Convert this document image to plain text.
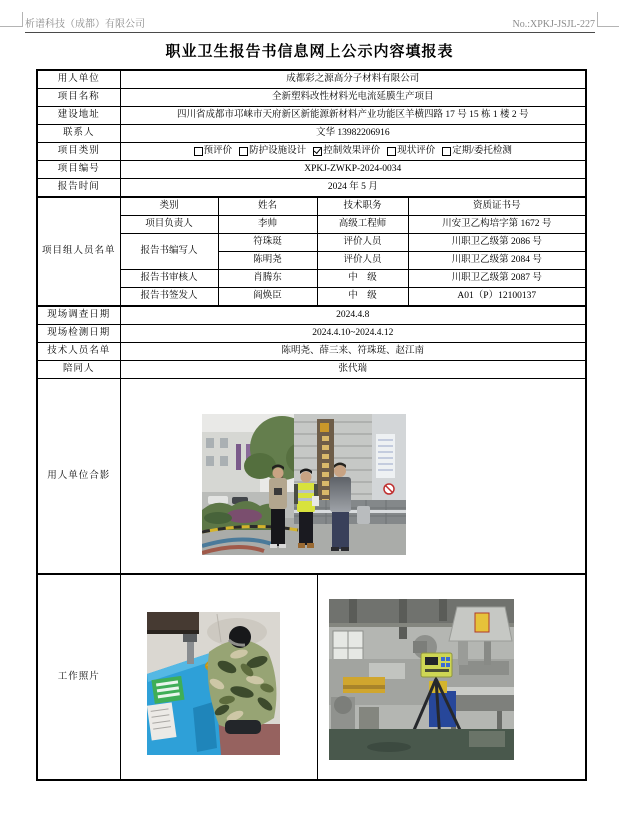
析谱科技（成都）有限公司	No.:XPKJ-JSJL-227
职业卫生报告书信息网上公示内容填报表
用人单位	成都彩之源高分子材料有限公司			
项目名称	全新塑料改性材料光电流延膜生产项目			
建设地址	四川省成都市邛崃市天府新区新能源新材料产业功能区羊横四路 17 号 15 栋 1 楼 2 号			
联系人	文华 13982206916			
项目类别	预评价 防护设施设计 控制效果评价 现状评价 定期/委托检测			

项目编号	XPKJ-ZWKP-2024-0034			
报告时间	2024 年 5 月			
项目组人员名单	类别	姓名	技术职务	资质证书号
	项目负责人	李帅	高级工程师	川安卫乙构培字第 1672 号
	报告书编写人	符珠珽	评价人员	川职卫乙级第 2086 号
		陈明尧	评价人员	川职卫乙级第 2084 号
	报告书审核人	肖腾东	中　级	川职卫乙级第 2087 号
	报告书签发人	阎焕臣	中　级	A01（P）12100137
现场调查日期	2024.4.8			
现场检测日期	2024.4.10~2024.4.12			
技术人员名单	陈明尧、薛三来、符珠珽、赵江南			
陪同人	张代瑞			
用人单位合影	

工作照片	
